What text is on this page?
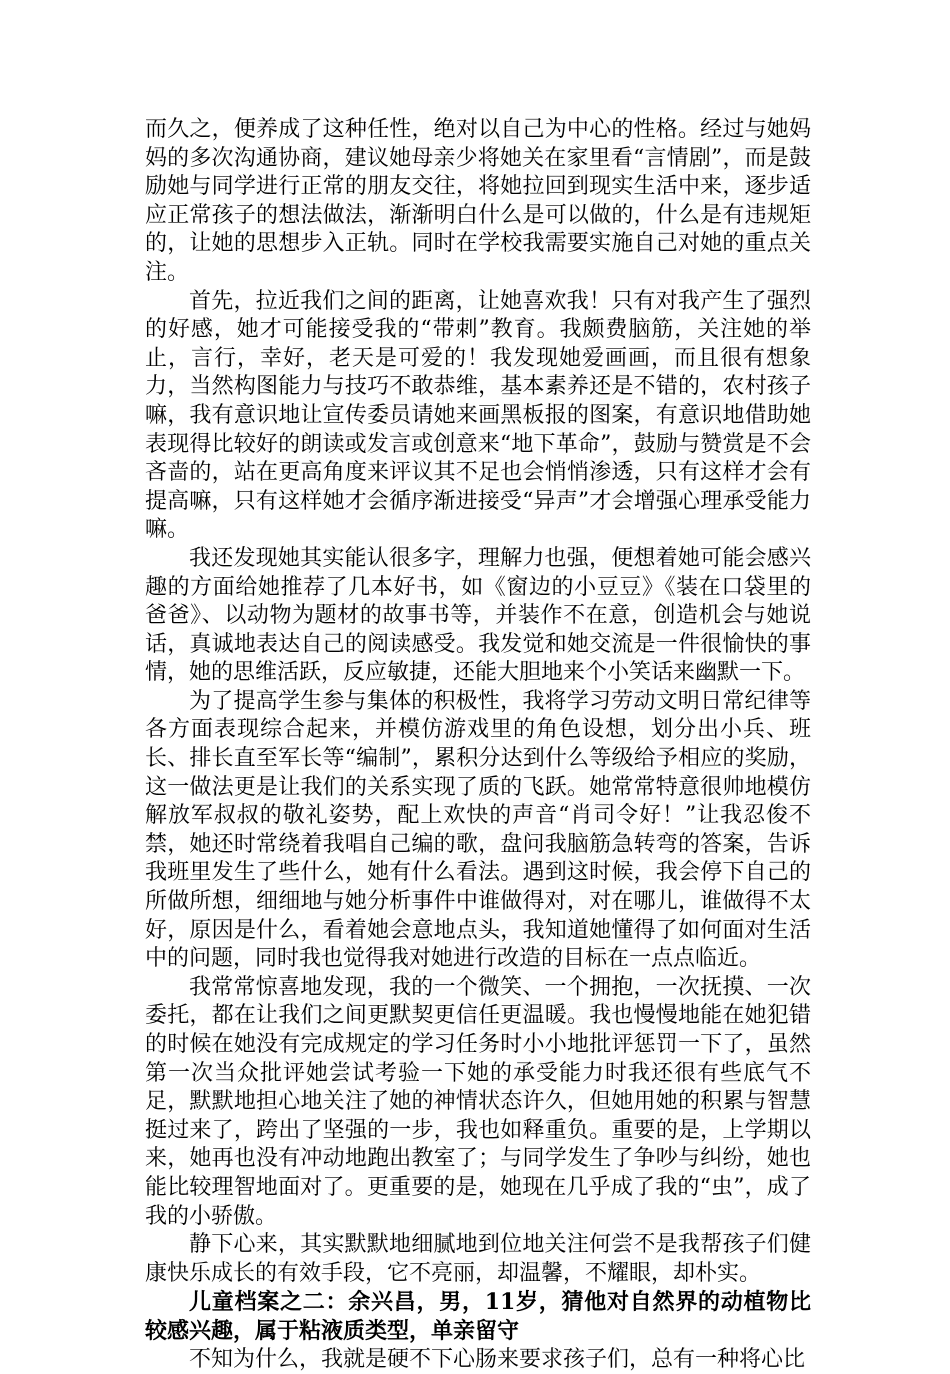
而久之，便养成了这种任性，绝对以自己为中心的性格。经过与她妈妈的多次沟通协商，建议她母亲少将她关在家里看“言情剧”，而是鼓励她与同学进行正常的朋友交往，将她拉回到现实生活中来，逐步适应正常孩子的想法做法，渐渐明白什么是可以做的，什么是有违规矩的，让她的思想步入正轨。同时在学校我需要实施自己对她的重点关注。

首先，拉近我们之间的距离，让她喜欢我！只有对我产生了强烈的好感，她才可能接受我的“带刺”教育。我颇费脑筋，关注她的举止，言行，幸好，老天是可爱的！我发现她爱画画，而且很有想象力，当然构图能力与技巧不敢恭维，基本素养还是不错的，农村孩子嘛，我有意识地让宣传委员请她来画黑板报的图案，有意识地借助她表现得比较好的朗读或发言或创意来“地下革命”，鼓励与赞赏是不会吝啬的，站在更高角度来评议其不足也会悄悄渗透，只有这样才会有提高嘛，只有这样她才会循序渐进接受“异声”才会增强心理承受能力嘛。

我还发现她其实能认很多字，理解力也强，便想着她可能会感兴趣的方面给她推荐了几本好书，如《窗边的小豆豆》《装在口袋里的爸爸》、以动物为题材的故事书等，并装作不在意，创造机会与她说话，真诚地表达自己的阅读感受。我发觉和她交流是一件很愉快的事情，她的思维活跃，反应敏捷，还能大胆地来个小笑话来幽默一下。

为了提高学生参与集体的积极性，我将学习劳动文明日常纪律等各方面表现综合起来，并模仿游戏里的角色设想，划分出小兵、班长、排长直至军长等“编制”，累积分达到什么等级给予相应的奖励，这一做法更是让我们的关系实现了质的飞跃。她常常特意很帅地模仿解放军叔叔的敬礼姿势，配上欢快的声音“肖司令好！”让我忍俊不禁，她还时常绕着我唱自己编的歌，盘问我脑筋急转弯的答案，告诉我班里发生了些什么，她有什么看法。遇到这时候，我会停下自己的所做所想，细细地与她分析事件中谁做得对，对在哪儿，谁做得不太好，原因是什么，看着她会意地点头，我知道她懂得了如何面对生活中的问题，同时我也觉得我对她进行改造的目标在一点点临近。

我常常惊喜地发现，我的一个微笑、一个拥抱，一次抚摸、一次委托，都在让我们之间更默契更信任更温暖。我也慢慢地能在她犯错的时候在她没有完成规定的学习任务时小小地批评惩罚一下了，虽然第一次当众批评她尝试考验一下她的承受能力时我还很有些底气不足，默默地担心地关注了她的神情状态许久，但她用她的积累与智慧挺过来了，跨出了坚强的一步，我也如释重负。重要的是，上学期以来，她再也没有冲动地跑出教室了；与同学发生了争吵与纠纷，她也能比较理智地面对了。更重要的是，她现在几乎成了我的“虫”，成了我的小骄傲。

静下心来，其实默默地细腻地到位地关注何尝不是我帮孩子们健康快乐成长的有效手段，它不亮丽，却温馨，不耀眼，却朴实。

儿童档案之二：余兴昌，男，11岁，猜他对自然界的动植物比较感兴趣，属于粘液质类型，单亲留守

不知为什么，我就是硬不下心肠来要求孩子们，总有一种将心比
